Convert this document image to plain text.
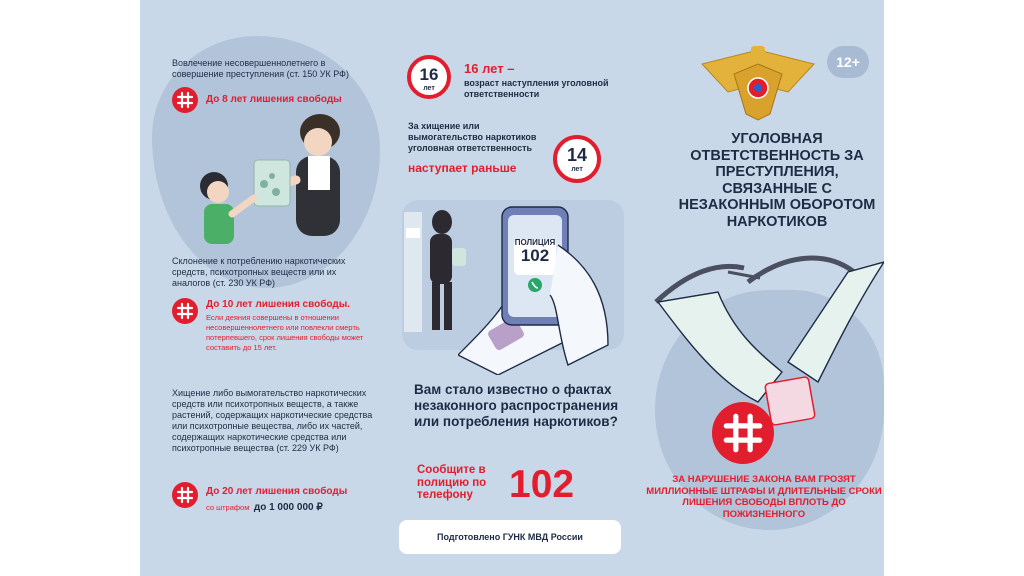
Вовлечение несовершеннолетнего в совершение преступления (ст. 150 УК РФ)
До 8 лет лишения свободы
Склонение к потреблению наркотических средств, психотропных веществ или их аналогов (ст. 230 УК РФ)
До 10 лет лишения свободы.
Если деяния совершены в отношении несовершеннолетнего или повлекли смерть потерпевшего, срок лишения свободы может составить до 15 лет.
Хищение либо вымогательство наркотических средств или психотропных веществ, а также растений, содержащих наркотические средства или психотропные вещества, либо их частей, содержащих наркотические средства или психотропные вещества (ст. 229 УК РФ)
До 20 лет лишения свободы
со штрафом до 1 000 000 ₽
16
лет
16 лет –
возраст наступления уголовной ответственности
За хищение или вымогательство наркотиков уголовная ответственность
наступает раньше
14
лет
ПОЛИЦИЯ
102
Вам стало известно о фактах незаконного распространения или потребления наркотиков?
Сообщите в полицию по телефону 102
Подготовлено ГУНК МВД России
12+
УГОЛОВНАЯ ОТВЕТСТВЕННОСТЬ ЗА ПРЕСТУПЛЕНИЯ, СВЯЗАННЫЕ С НЕЗАКОННЫМ ОБОРОТОМ НАРКОТИКОВ
ЗА НАРУШЕНИЕ ЗАКОНА ВАМ ГРОЗЯТ МИЛЛИОННЫЕ ШТРАФЫ И ДЛИТЕЛЬНЫЕ СРОКИ ЛИШЕНИЯ СВОБОДЫ ВПЛОТЬ ДО ПОЖИЗНЕННОГО
